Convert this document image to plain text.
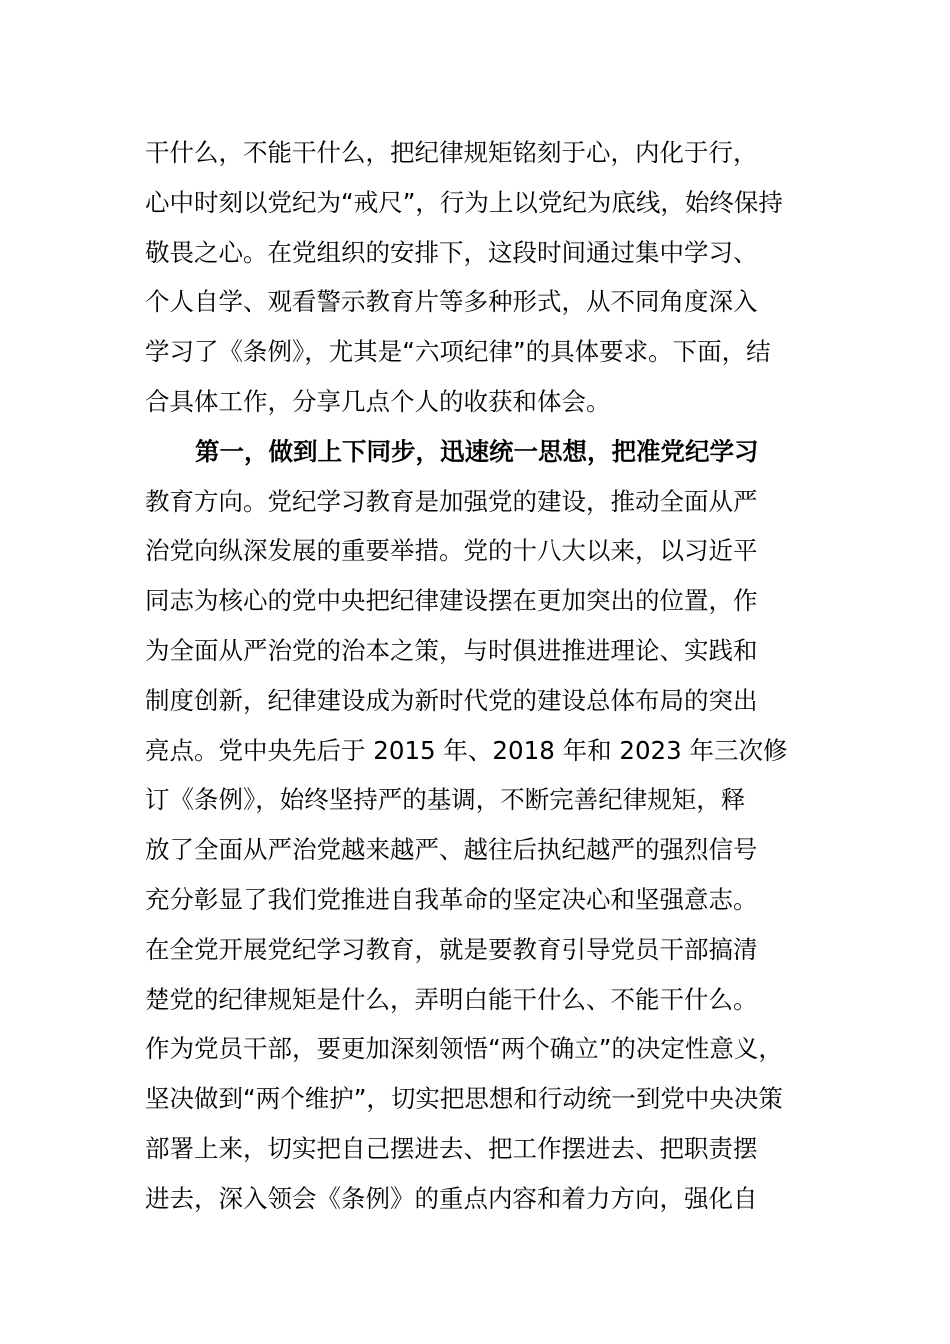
干什么，不能干什么，把纪律规矩铭刻于心，内化于行，
心中时刻以党纪为“戒尺”，行为上以党纪为底线，始终保持
敬畏之心。在党组织的安排下，这段时间通过集中学习、
个人自学、观看警示教育片等多种形式，从不同角度深入
学习了《条例》，尤其是“六项纪律”的具体要求。下面，结
合具体工作，分享几点个人的收获和体会。
第一，做到上下同步，迅速统一思想，把准党纪学习
教育方向。党纪学习教育是加强党的建设，推动全面从严
治党向纵深发展的重要举措。党的十八大以来，以习近平
同志为核心的党中央把纪律建设摆在更加突出的位置，作
为全面从严治党的治本之策，与时俱进推进理论、实践和
制度创新，纪律建设成为新时代党的建设总体布局的突出
亮点。党中央先后于 2015 年、2018 年和 2023 年三次修
订《条例》，始终坚持严的基调，不断完善纪律规矩，释
放了全面从严治党越来越严、越往后执纪越严的强烈信号
充分彰显了我们党推进自我革命的坚定决心和坚强意志。
在全党开展党纪学习教育，就是要教育引导党员干部搞清
楚党的纪律规矩是什么，弄明白能干什么、不能干什么。
作为党员干部，要更加深刻领悟“两个确立”的决定性意义，
坚决做到“两个维护”，切实把思想和行动统一到党中央决策
部署上来，切实把自己摆进去、把工作摆进去、把职责摆
进去，深入领会《条例》的重点内容和着力方向，强化自
